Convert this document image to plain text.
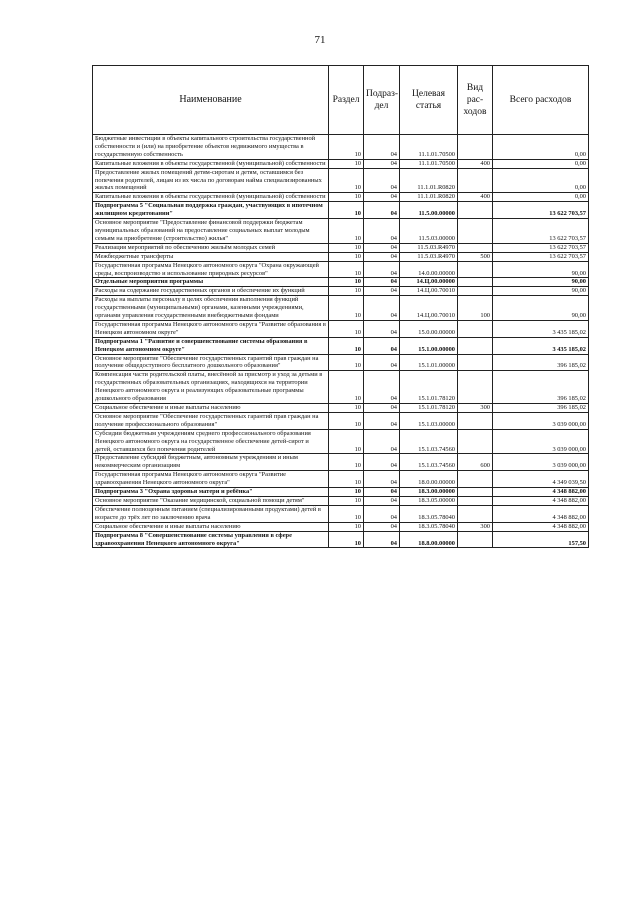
71
Наименование	Раздел	Подраз-дел	Целевая статья	Вид рас-ходов	Всего расходов
Бюджетные инвестиции в объекты капитального строительства государственной собственности и (или) на приобретение объектов недвижимого имущества в государственную собственность	10	04	11.1.01.70500		0,00
Капитальные вложения в объекты государственной (муниципальной) собственности	10	04	11.1.01.70500	400	0,00
Предоставление жилых помещений детям-сиротам и детям, оставшимся без попечения родителей, лицам из их числа по договорам найма специализированных жилых помещений	10	04	11.1.01.R0820		0,00
Капитальные вложения в объекты государственной (муниципальной) собственности	10	04	11.1.01.R0820	400	0,00
Подпрограмма 5 "Социальная поддержка граждан, участвующих в ипотечном жилищном кредитовании"	10	04	11.5.00.00000		13 622 703,57
Основное мероприятие "Предоставление финансовой поддержки бюджетам муниципальных образований на предоставление социальных выплат молодым семьям на приобретение (строительство) жилья"	10	04	11.5.03.00000		13 622 703,57
Реализация мероприятий по обеспечению жильём молодых семей	10	04	11.5.03.R4970		13 622 703,57
Межбюджетные трансферты	10	04	11.5.03.R4970	500	13 622 703,57
Государственная программа Ненецкого автономного округа "Охрана окружающей среды, воспроизводство и использование природных ресурсов"	10	04	14.0.00.00000		90,00
Отдельные мероприятия программы	10	04	14.Ц.00.00000		90,00
Расходы на содержание государственных органов и обеспечение их функций	10	04	14.Ц.00.70010		90,00
Расходы на выплаты персоналу в целях обеспечения выполнения функций государственными (муниципальными) органами, казенными учреждениями, органами управления государственными внебюджетными фондами	10	04	14.Ц.00.70010	100	90,00
Государственная программа Ненецкого автономного округа "Развитие образования в Ненецком автономном округе"	10	04	15.0.00.00000		3 435 185,02
Подпрограмма 1 "Развитие и совершенствование системы образования в Ненецком автономном округе"	10	04	15.1.00.00000		3 435 185,02
Основное мероприятие "Обеспечение государственных гарантий прав граждан на получение общедоступного бесплатного дошкольного образования"	10	04	15.1.01.00000		396 185,02
Компенсация части родительской платы, внесённой за присмотр и уход за детьми в государственных образовательных организациях, находящихся на территории Ненецкого автономного округа и реализующих образовательные программы дошкольного образования	10	04	15.1.01.78120		396 185,02
Социальное обеспечение и иные выплаты населению	10	04	15.1.01.78120	300	396 185,02
Основное мероприятие "Обеспечение государственных гарантий прав граждан на получение профессионального образования"	10	04	15.1.03.00000		3 039 000,00
Субсидии бюджетным учреждениям среднего профессионального образования Ненецкого автономного округа на государственное обеспечение детей-сирот и детей, оставшихся без попечения родителей	10	04	15.1.03.74560		3 039 000,00
Предоставление субсидий бюджетным, автономным учреждениям и иным некоммерческим организациям	10	04	15.1.03.74560	600	3 039 000,00
Государственная программа Ненецкого автономного округа "Развитие здравоохранения Ненецкого автономного округа"	10	04	18.0.00.00000		4 349 039,50
Подпрограмма 3 "Охрана здоровья матери и ребёнка"	10	04	18.3.00.00000		4 348 882,00
Основное мероприятие "Оказание медицинской, социальной помощи детям"	10	04	18.3.05.00000		4 348 882,00
Обеспечение полноценным питанием (специализированными продуктами) детей в возрасте до трёх лет по заключению врача	10	04	18.3.05.78040		4 348 882,00
Социальное обеспечение и иные выплаты населению	10	04	18.3.05.78040	300	4 348 882,00
Подпрограмма 8 "Совершенствование системы управления в сфере здравоохранения Ненецкого автономного округа"	10	04	18.8.00.00000		157,50
